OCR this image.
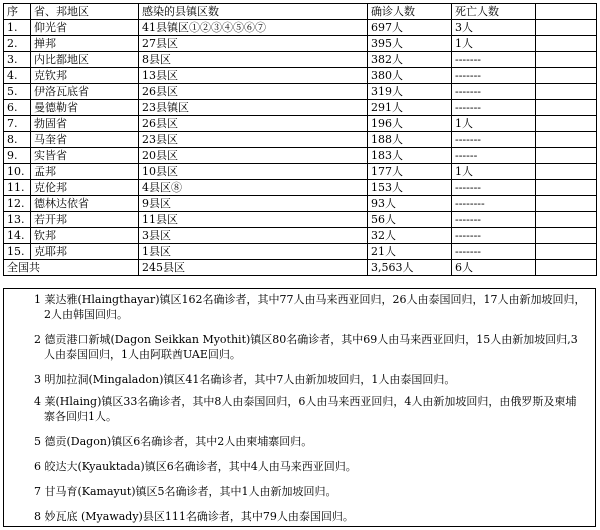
序	省、邦地区	感染的县镇区数	确诊人数	死亡人数	
1.	仰光省	41县镇区①②③④⑤⑥⑦	697人	3人	
2.	掸邦	27县区	395人	1人	
3.	内比都地区	8县区	382人	-------	
4.	克钦邦	13县区	380人	-------	
5.	伊洛瓦底省	26县区	319人	-------	
6.	曼德勒省	23县镇区	291人	-------	
7.	勃固省	26县区	196人	1人	
8.	马奎省	23县区	188人	-------	
9.	实皆省	20县区	183人	------	
10.	孟邦	10县区	177人	1人	
11.	克伦邦	4县区⑧	153人	-------	
12.	德林达依省	9县区	93人	--------	
13.	若开邦	11县区	56人	-------	
14.	钦邦	3县区	32人	-------	
15.	克耶邦	1县区	21人	-------	
全国共		245县区	3,563人	6人	

1 莱达雅(Hlaingthayar)镇区162名确诊者，其中77人由马来西亚回归，26人由泰国回归，17人由新加坡回归，2人由韩国回归。

2 德贡港口新城(Dagon Seikkan Myothit)镇区80名确诊者，其中69人由马来西亚回归，15人由新加坡回归,3人由泰国回归，1人由阿联酋UAE回归。

3 明加拉洞(Mingaladon)镇区41名确诊者，其中7人由新加坡回归，1人由泰国回归。

4 莱(Hlaing)镇区33名确诊者，其中8人由泰国回归，6人由马来西亚回归，4人由新加坡回归，由俄罗斯及柬埔寨各回归1人。

5 德贡(Dagon)镇区6名确诊者，其中2人由柬埔寨回归。

6 皎达大(Kyauktada)镇区6名确诊者，其中4人由马来西亚回归。

7 甘马育(Kamayut)镇区5名确诊者，其中1人由新加坡回归。

8 妙瓦底 (Myawady)县区111名确诊者，其中79人由泰国回归。
